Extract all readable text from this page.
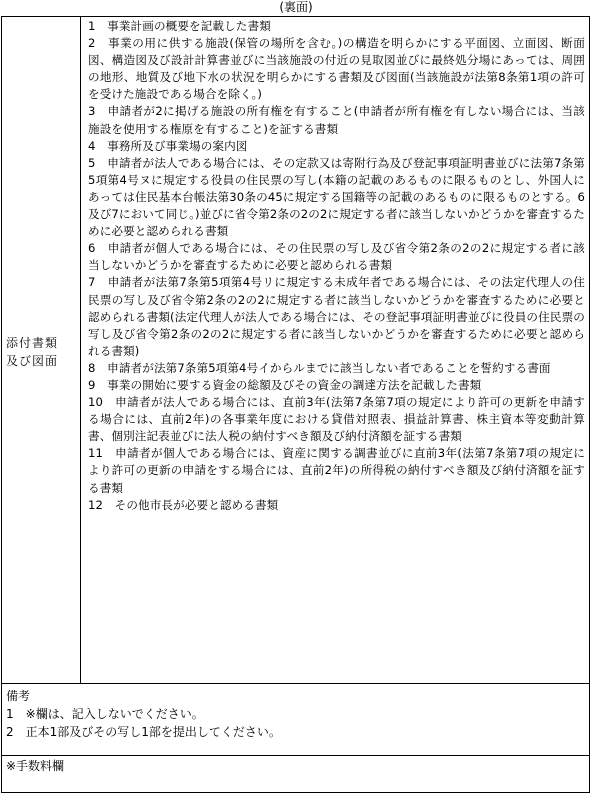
(裏面)
添付書類
及び図面
1　事業計画の概要を記載した書類
2　事業の用に供する施設(保管の場所を含む。)の構造を明らかにする平面図、立面図、断面図、構造図及び設計計算書並びに当該施設の付近の見取図並びに最終処分場にあっては、周囲の地形、地質及び地下水の状況を明らかにする書類及び図面(当該施設が法第8条第1項の許可を受けた施設である場合を除く。)
3　申請者が2に掲げる施設の所有権を有すること(申請者が所有権を有しない場合には、当該施設を使用する権原を有すること)を証する書類
4　事務所及び事業場の案内図
5　申請者が法人である場合には、その定款又は寄附行為及び登記事項証明書並びに法第7条第5項第4号ヌに規定する役員の住民票の写し(本籍の記載のあるものに限るものとし、外国人にあっては住民基本台帳法第30条の45に規定する国籍等の記載のあるものに限るものとする。6及び7において同じ。)並びに省令第2条の2の2に規定する者に該当しないかどうかを審査するために必要と認められる書類
6　申請者が個人である場合には、その住民票の写し及び省令第2条の2の2に規定する者に該当しないかどうかを審査するために必要と認められる書類
7　申請者が法第7条第5項第4号リに規定する未成年者である場合には、その法定代理人の住民票の写し及び省令第2条の2の2に規定する者に該当しないかどうかを審査するために必要と認められる書類(法定代理人が法人である場合には、その登記事項証明書並びに役員の住民票の写し及び省令第2条の2の2に規定する者に該当しないかどうかを審査するために必要と認められる書類)
8　申請者が法第7条第5項第4号イからルまでに該当しない者であることを誓約する書面
9　事業の開始に要する資金の総額及びその資金の調達方法を記載した書類
10　申請者が法人である場合には、直前3年(法第7条第7項の規定により許可の更新を申請する場合には、直前2年)の各事業年度における貸借対照表、損益計算書、株主資本等変動計算書、個別注記表並びに法人税の納付すべき額及び納付済額を証する書類
11　申請者が個人である場合には、資産に関する調書並びに直前3年(法第7条第7項の規定により許可の更新の申請をする場合には、直前2年)の所得税の納付すべき額及び納付済額を証する書類
12　その他市長が必要と認める書類
備考
1　※欄は、記入しないでください。
2　正本1部及びその写し1部を提出してください。
※手数料欄
